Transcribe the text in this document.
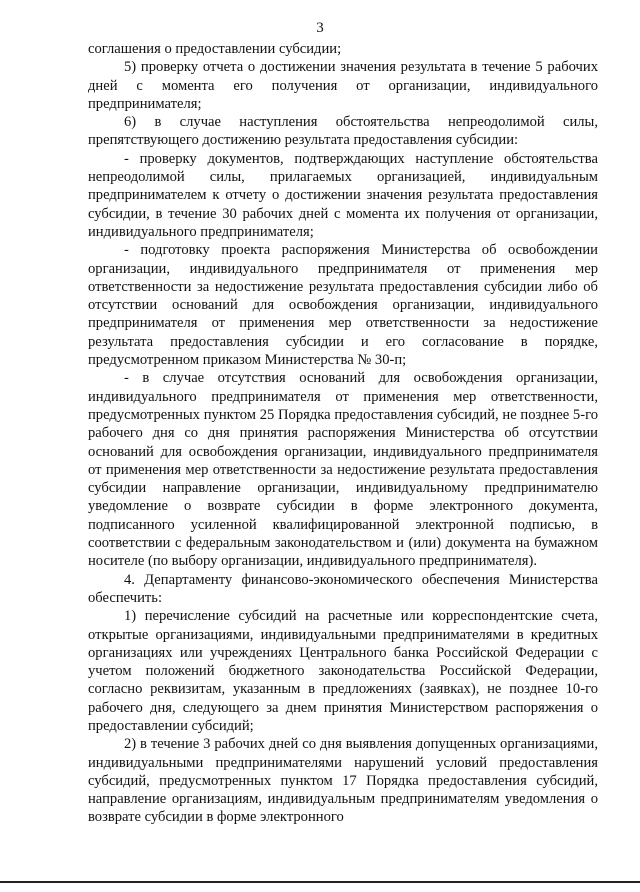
3

соглашения о предоставлении субсидии;

5) проверку отчета о достижении значения результата в течение 5 рабочих дней с момента его получения от организации, индивидуального предпринимателя;

6) в случае наступления обстоятельства непреодолимой силы, препятствующего достижению результата предоставления субсидии:

- проверку документов, подтверждающих наступление обстоятельства непреодолимой силы, прилагаемых организацией, индивидуальным предпринимателем к отчету о достижении значения результата предоставления субсидии, в течение 30 рабочих дней с момента их получения от организации, индивидуального предпринимателя;

- подготовку проекта распоряжения Министерства об освобождении организации, индивидуального предпринимателя от применения мер ответственности за недостижение результата предоставления субсидии либо об отсутствии оснований для освобождения организации, индивидуального предпринимателя от применения мер ответственности за недостижение результата предоставления субсидии и его согласование в порядке, предусмотренном приказом Министерства № 30-п;

- в случае отсутствия оснований для освобождения организации, индивидуального предпринимателя от применения мер ответственности, предусмотренных пунктом 25 Порядка предоставления субсидий, не позднее 5-го рабочего дня со дня принятия распоряжения Министерства об отсутствии оснований для освобождения организации, индивидуального предпринимателя от применения мер ответственности за недостижение результата предоставления субсидии направление организации, индивидуальному предпринимателю уведомление о возврате субсидии в форме электронного документа, подписанного усиленной квалифицированной электронной подписью, в соответствии с федеральным законодательством и (или) документа на бумажном носителе (по выбору организации, индивидуального предпринимателя).

4. Департаменту финансово-экономического обеспечения Министерства обеспечить:

1) перечисление субсидий на расчетные или корреспондентские счета, открытые организациями, индивидуальными предпринимателями в кредитных организациях или учреждениях Центрального банка Российской Федерации с учетом положений бюджетного законодательства Российской Федерации, согласно реквизитам, указанным в предложениях (заявках), не позднее 10-го рабочего дня, следующего за днем принятия Министерством распоряжения о предоставлении субсидий;

2) в течение 3 рабочих дней со дня выявления допущенных организациями, индивидуальными предпринимателями нарушений условий предоставления субсидий, предусмотренных пунктом 17 Порядка предоставления субсидий, направление организациям, индивидуальным предпринимателям уведомления о возврате субсидии в форме электронного
